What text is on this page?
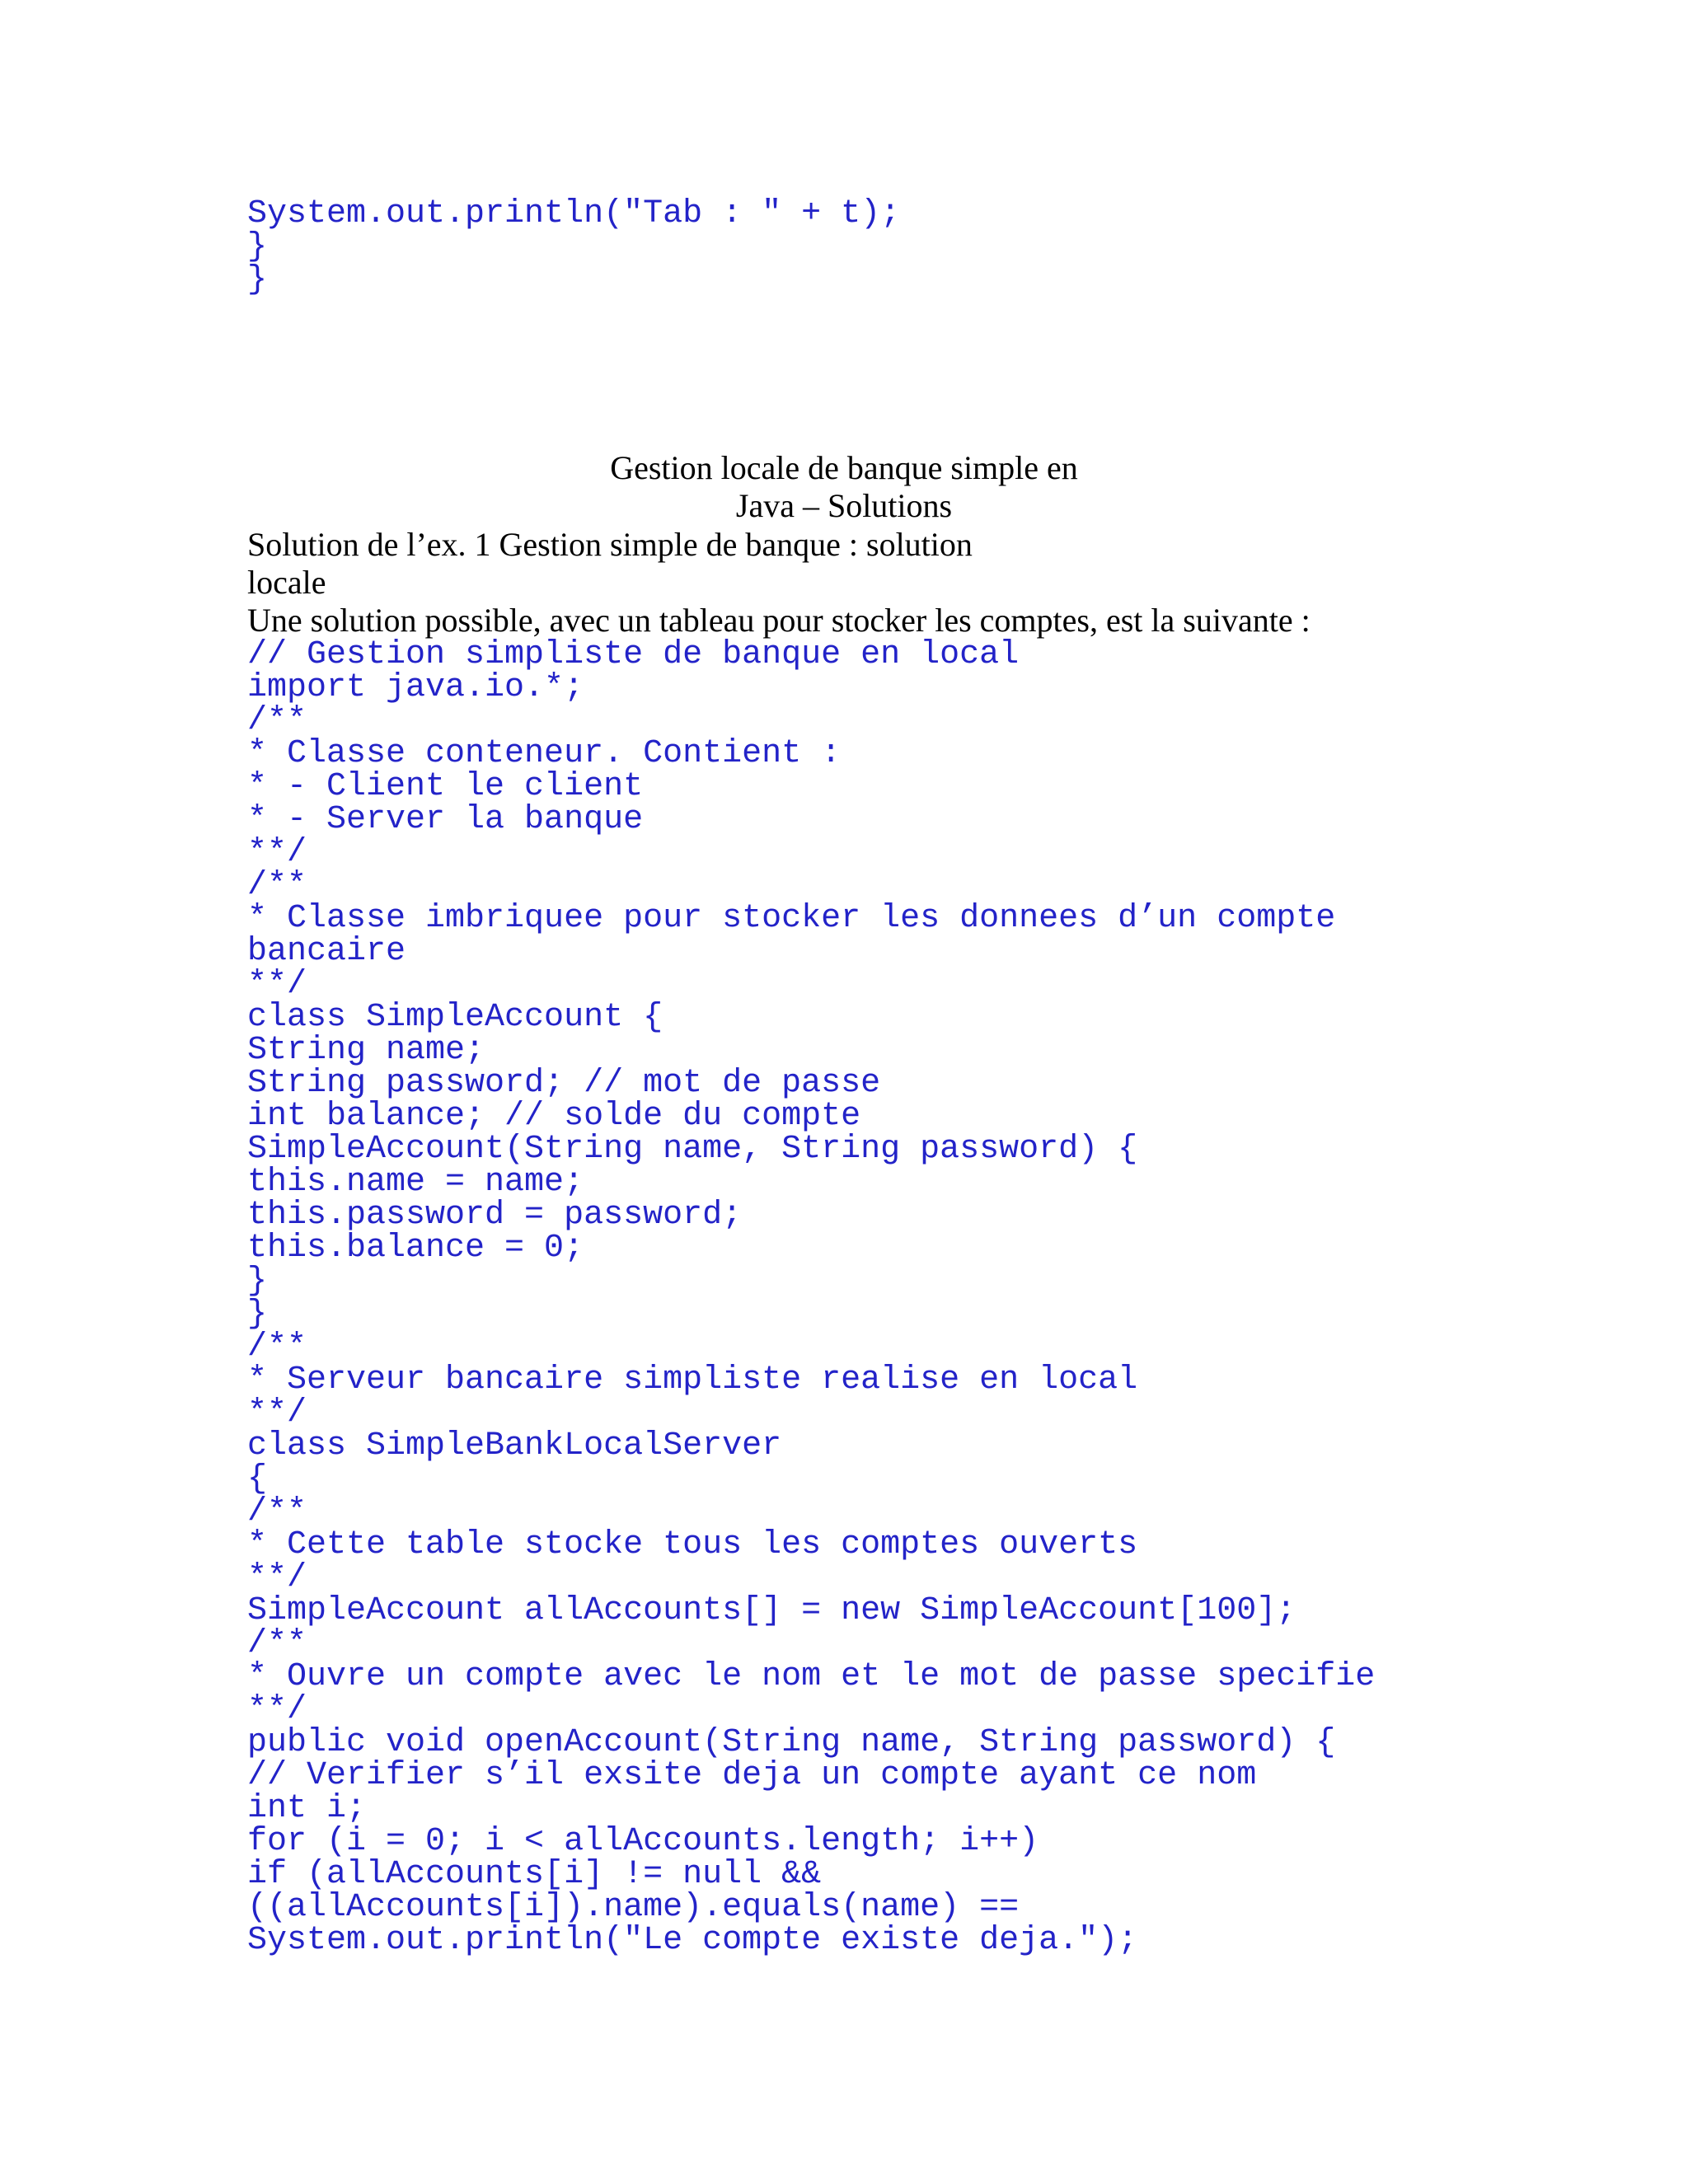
System.out.println("Tab : " + t);
}
}
Gestion locale de banque simple en
Java – Solutions
Solution de l’ex. 1 Gestion simple de banque : solution
locale
Une solution possible, avec un tableau pour stocker les comptes, est la suivante :
// Gestion simpliste de banque en local
import java.io.*;
/**
* Classe conteneur. Contient :
* - Client le client
* - Server la banque
**/
/**
* Classe imbriquee pour stocker les donnees d’un compte
bancaire
**/
class SimpleAccount {
String name;
String password; // mot de passe
int balance; // solde du compte
SimpleAccount(String name, String password) {
this.name = name;
this.password = password;
this.balance = 0;
}
}
/**
* Serveur bancaire simpliste realise en local
**/
class SimpleBankLocalServer
{
/**
* Cette table stocke tous les comptes ouverts
**/
SimpleAccount allAccounts[] = new SimpleAccount[100];
/**
* Ouvre un compte avec le nom et le mot de passe specifie
**/
public void openAccount(String name, String password) {
// Verifier s’il exsite deja un compte ayant ce nom
int i;
for (i = 0; i < allAccounts.length; i++)
if (allAccounts[i] != null &&
((allAccounts[i]).name).equals(name) ==
System.out.println("Le compte existe deja.");
